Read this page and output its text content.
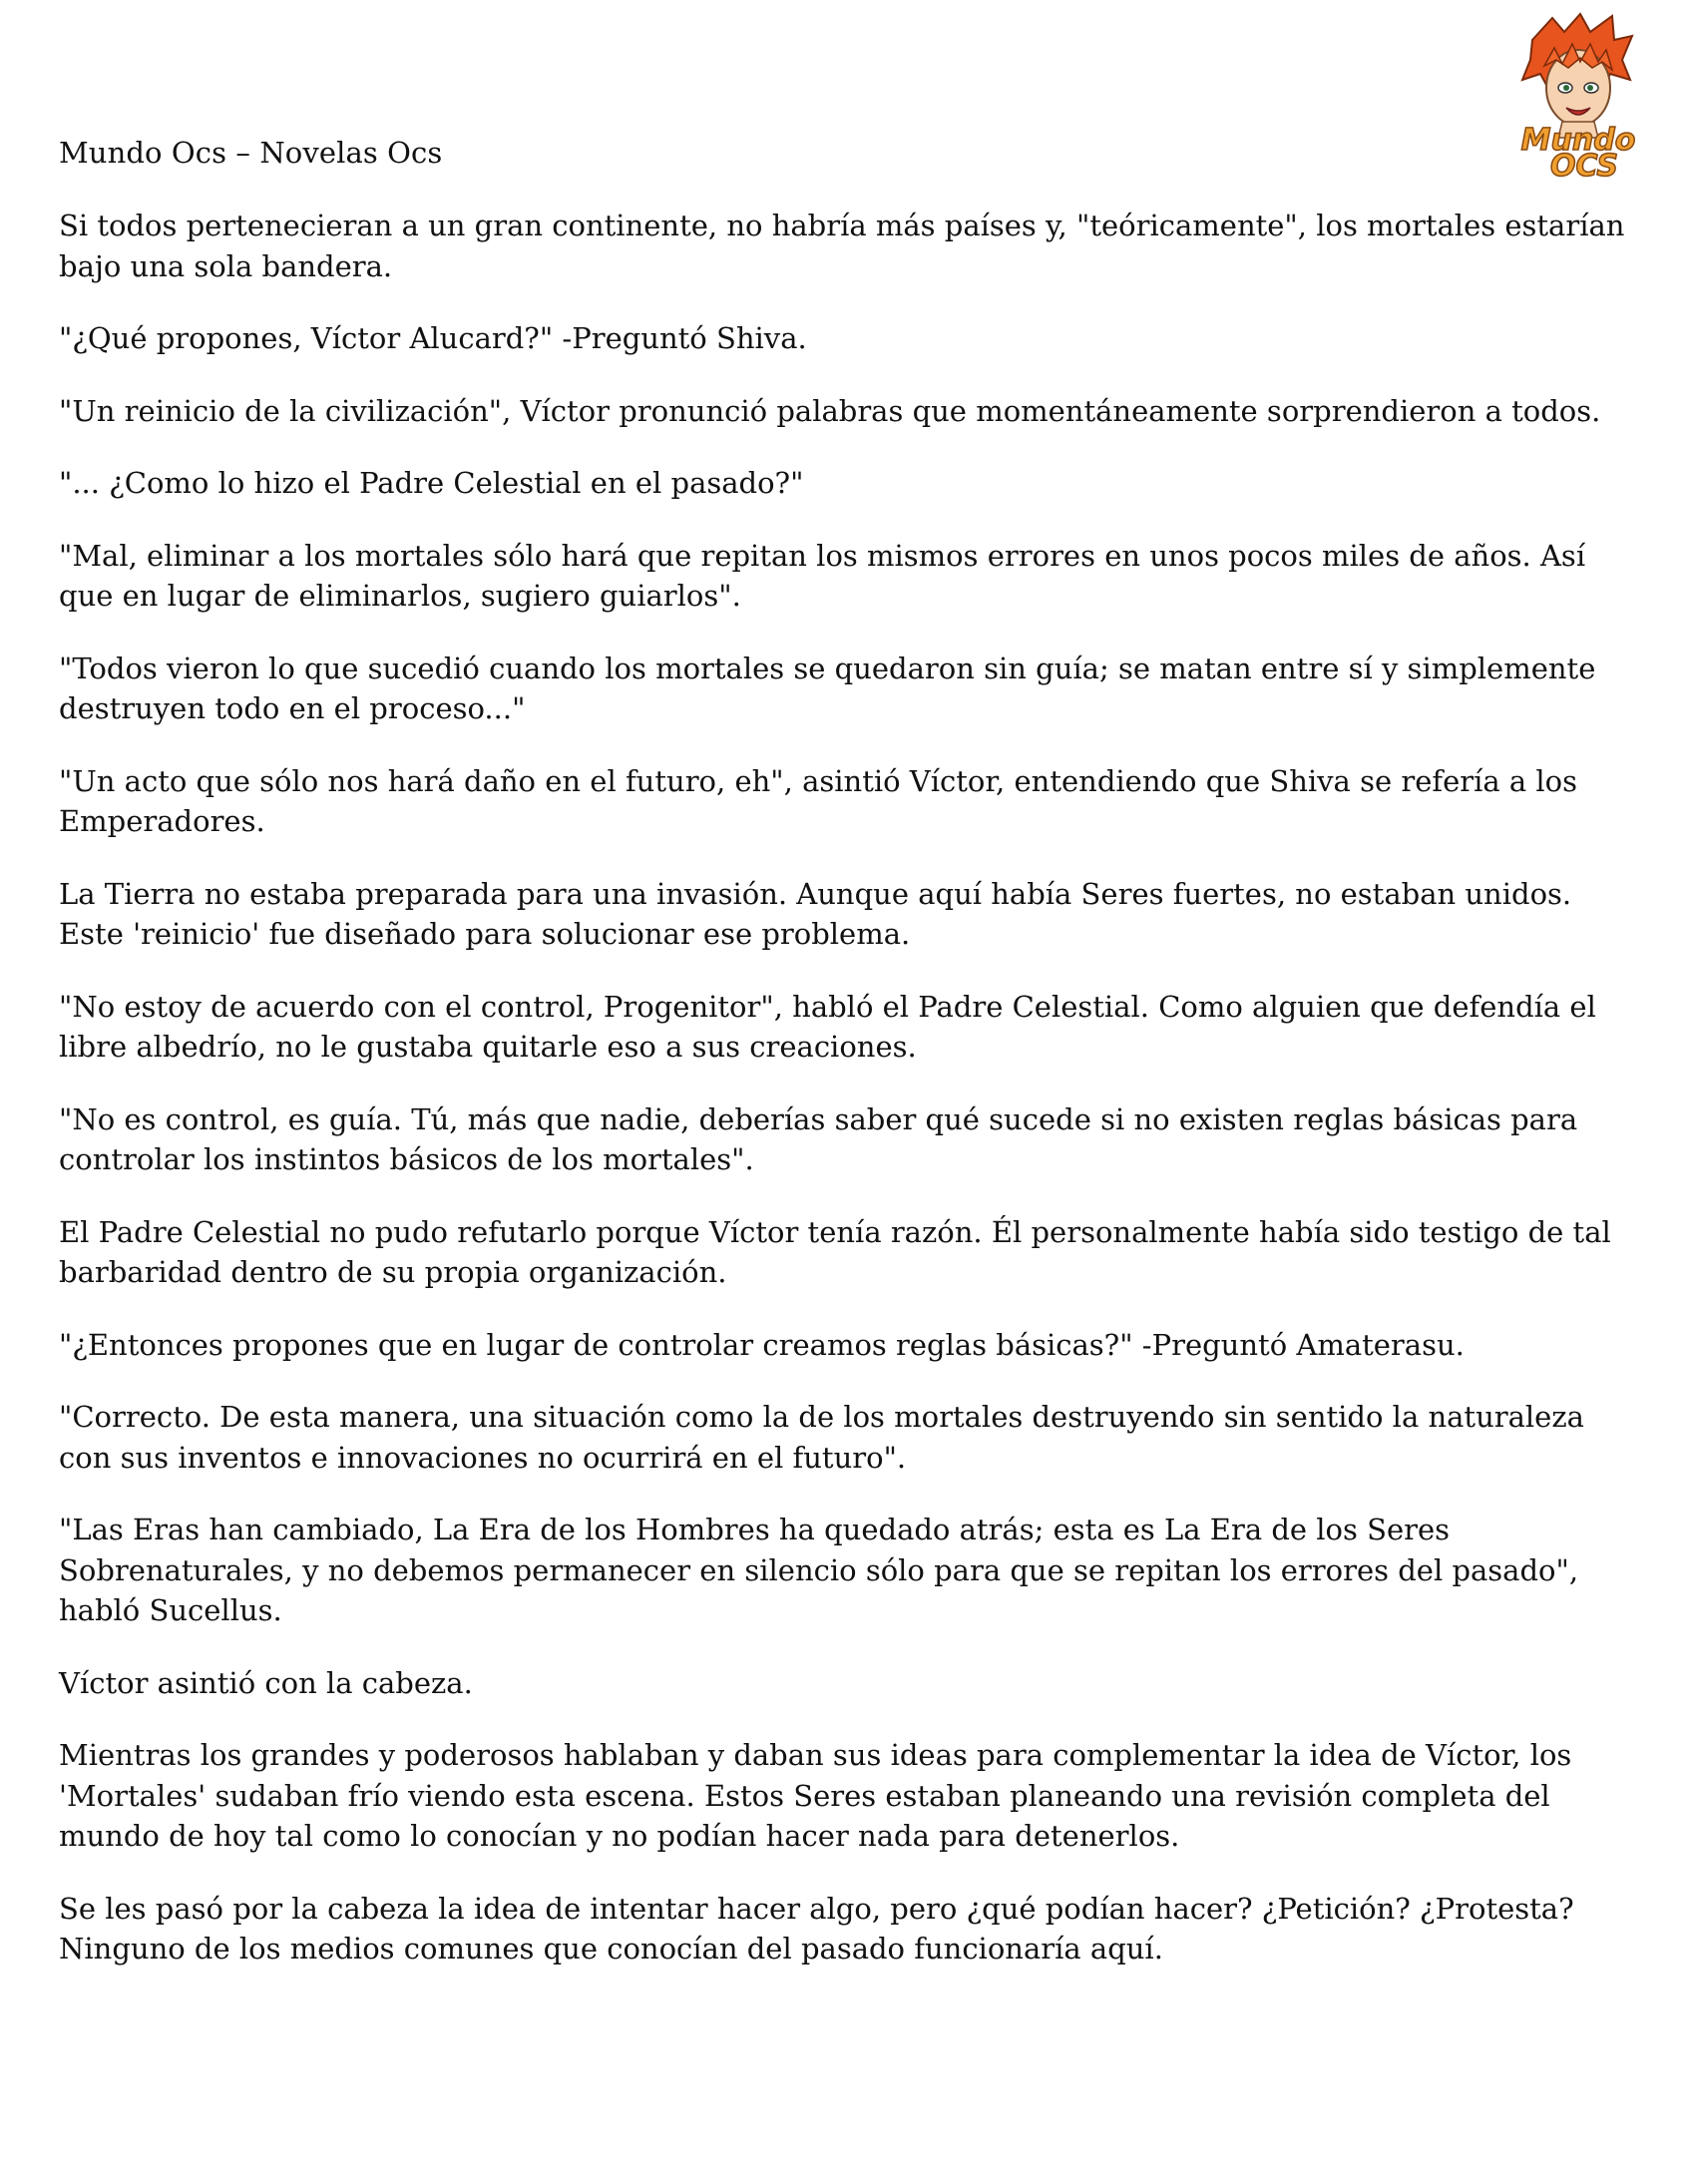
Mundo Ocs – Novelas Ocs	Mundo
OCS

Si todos pertenecieran a un gran continente, no habría más países y, "teóricamente", los mortales estarían bajo una sola bandera.

"¿Qué propones, Víctor Alucard?" -Preguntó Shiva.

"Un reinicio de la civilización", Víctor pronunció palabras que momentáneamente sorprendieron a todos.

"... ¿Como lo hizo el Padre Celestial en el pasado?"

"Mal, eliminar a los mortales sólo hará que repitan los mismos errores en unos pocos miles de años. Así que en lugar de eliminarlos, sugiero guiarlos".

"Todos vieron lo que sucedió cuando los mortales se quedaron sin guía; se matan entre sí y simplemente destruyen todo en el proceso..."

"Un acto que sólo nos hará daño en el futuro, eh", asintió Víctor, entendiendo que Shiva se refería a los Emperadores.

La Tierra no estaba preparada para una invasión. Aunque aquí había Seres fuertes, no estaban unidos. Este 'reinicio' fue diseñado para solucionar ese problema.

"No estoy de acuerdo con el control, Progenitor", habló el Padre Celestial. Como alguien que defendía el libre albedrío, no le gustaba quitarle eso a sus creaciones.

"No es control, es guía. Tú, más que nadie, deberías saber qué sucede si no existen reglas básicas para controlar los instintos básicos de los mortales".

El Padre Celestial no pudo refutarlo porque Víctor tenía razón. Él personalmente había sido testigo de tal barbaridad dentro de su propia organización.

"¿Entonces propones que en lugar de controlar creamos reglas básicas?" -Preguntó Amaterasu.

"Correcto. De esta manera, una situación como la de los mortales destruyendo sin sentido la naturaleza con sus inventos e innovaciones no ocurrirá en el futuro".

"Las Eras han cambiado, La Era de los Hombres ha quedado atrás; esta es La Era de los Seres Sobrenaturales, y no debemos permanecer en silencio sólo para que se repitan los errores del pasado", habló Sucellus.

Víctor asintió con la cabeza.

Mientras los grandes y poderosos hablaban y daban sus ideas para complementar la idea de Víctor, los 'Mortales' sudaban frío viendo esta escena. Estos Seres estaban planeando una revisión completa del mundo de hoy tal como lo conocían y no podían hacer nada para detenerlos.

Se les pasó por la cabeza la idea de intentar hacer algo, pero ¿qué podían hacer? ¿Petición? ¿Protesta? Ninguno de los medios comunes que conocían del pasado funcionaría aquí.
